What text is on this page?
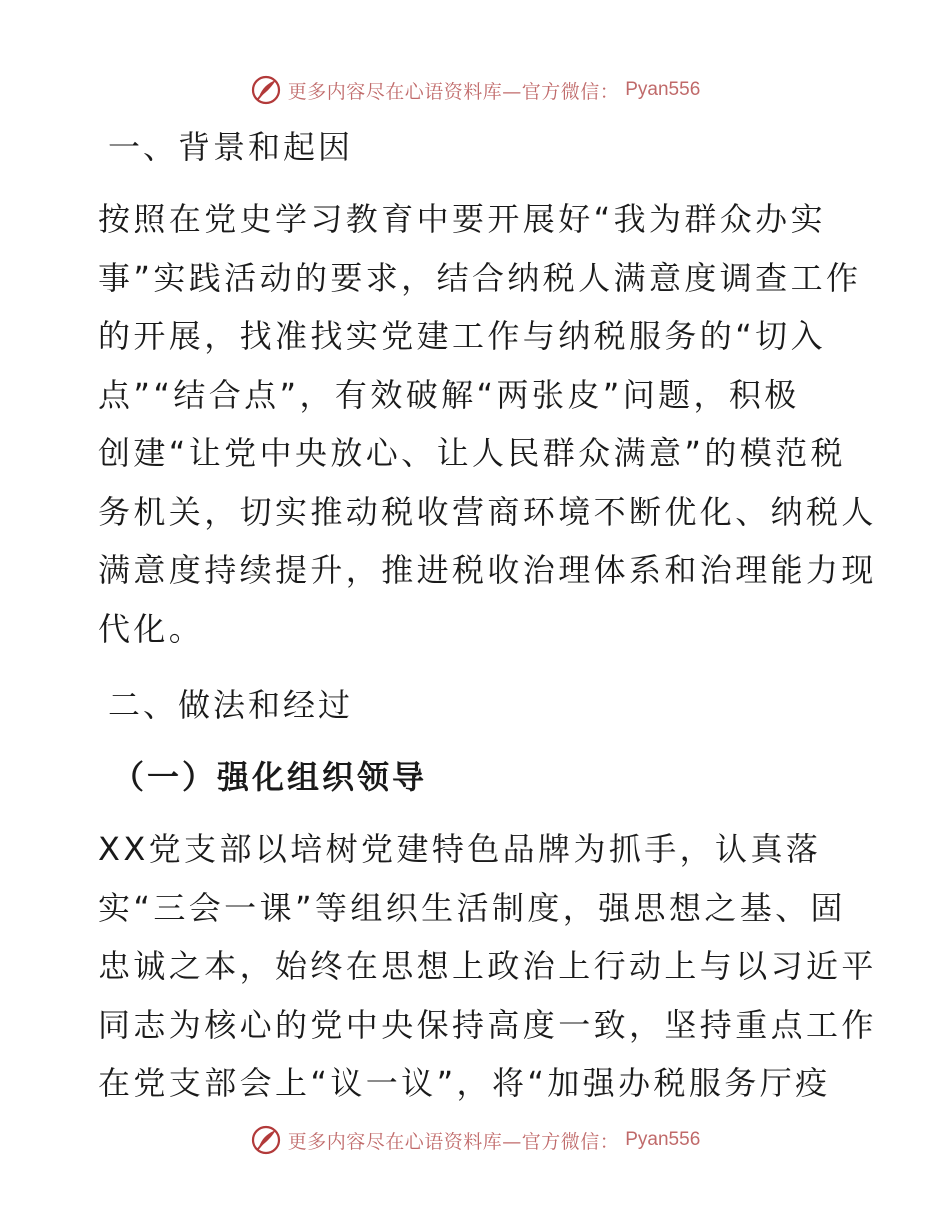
更多内容尽在心语资料库—官方微信： Pyan556
一、背景和起因

按照在党史学习教育中要开展好“我为群众办实
事”实践活动的要求，结合纳税人满意度调查工作
的开展，找准找实党建工作与纳税服务的“切入
点”“结合点”，有效破解“两张皮”问题，积极
创建“让党中央放心、让人民群众满意”的模范税
务机关，切实推动税收营商环境不断优化、纳税人
满意度持续提升，推进税收治理体系和治理能力现
代化。

二、做法和经过
（一）强化组织领导

XX党支部以培树党建特色品牌为抓手，认真落
实“三会一课”等组织生活制度，强思想之基、固
忠诚之本，始终在思想上政治上行动上与以习近平
同志为核心的党中央保持高度一致，坚持重点工作
在党支部会上“议一议”，将“加强办税服务厅疫

更多内容尽在心语资料库—官方微信： Pyan556
